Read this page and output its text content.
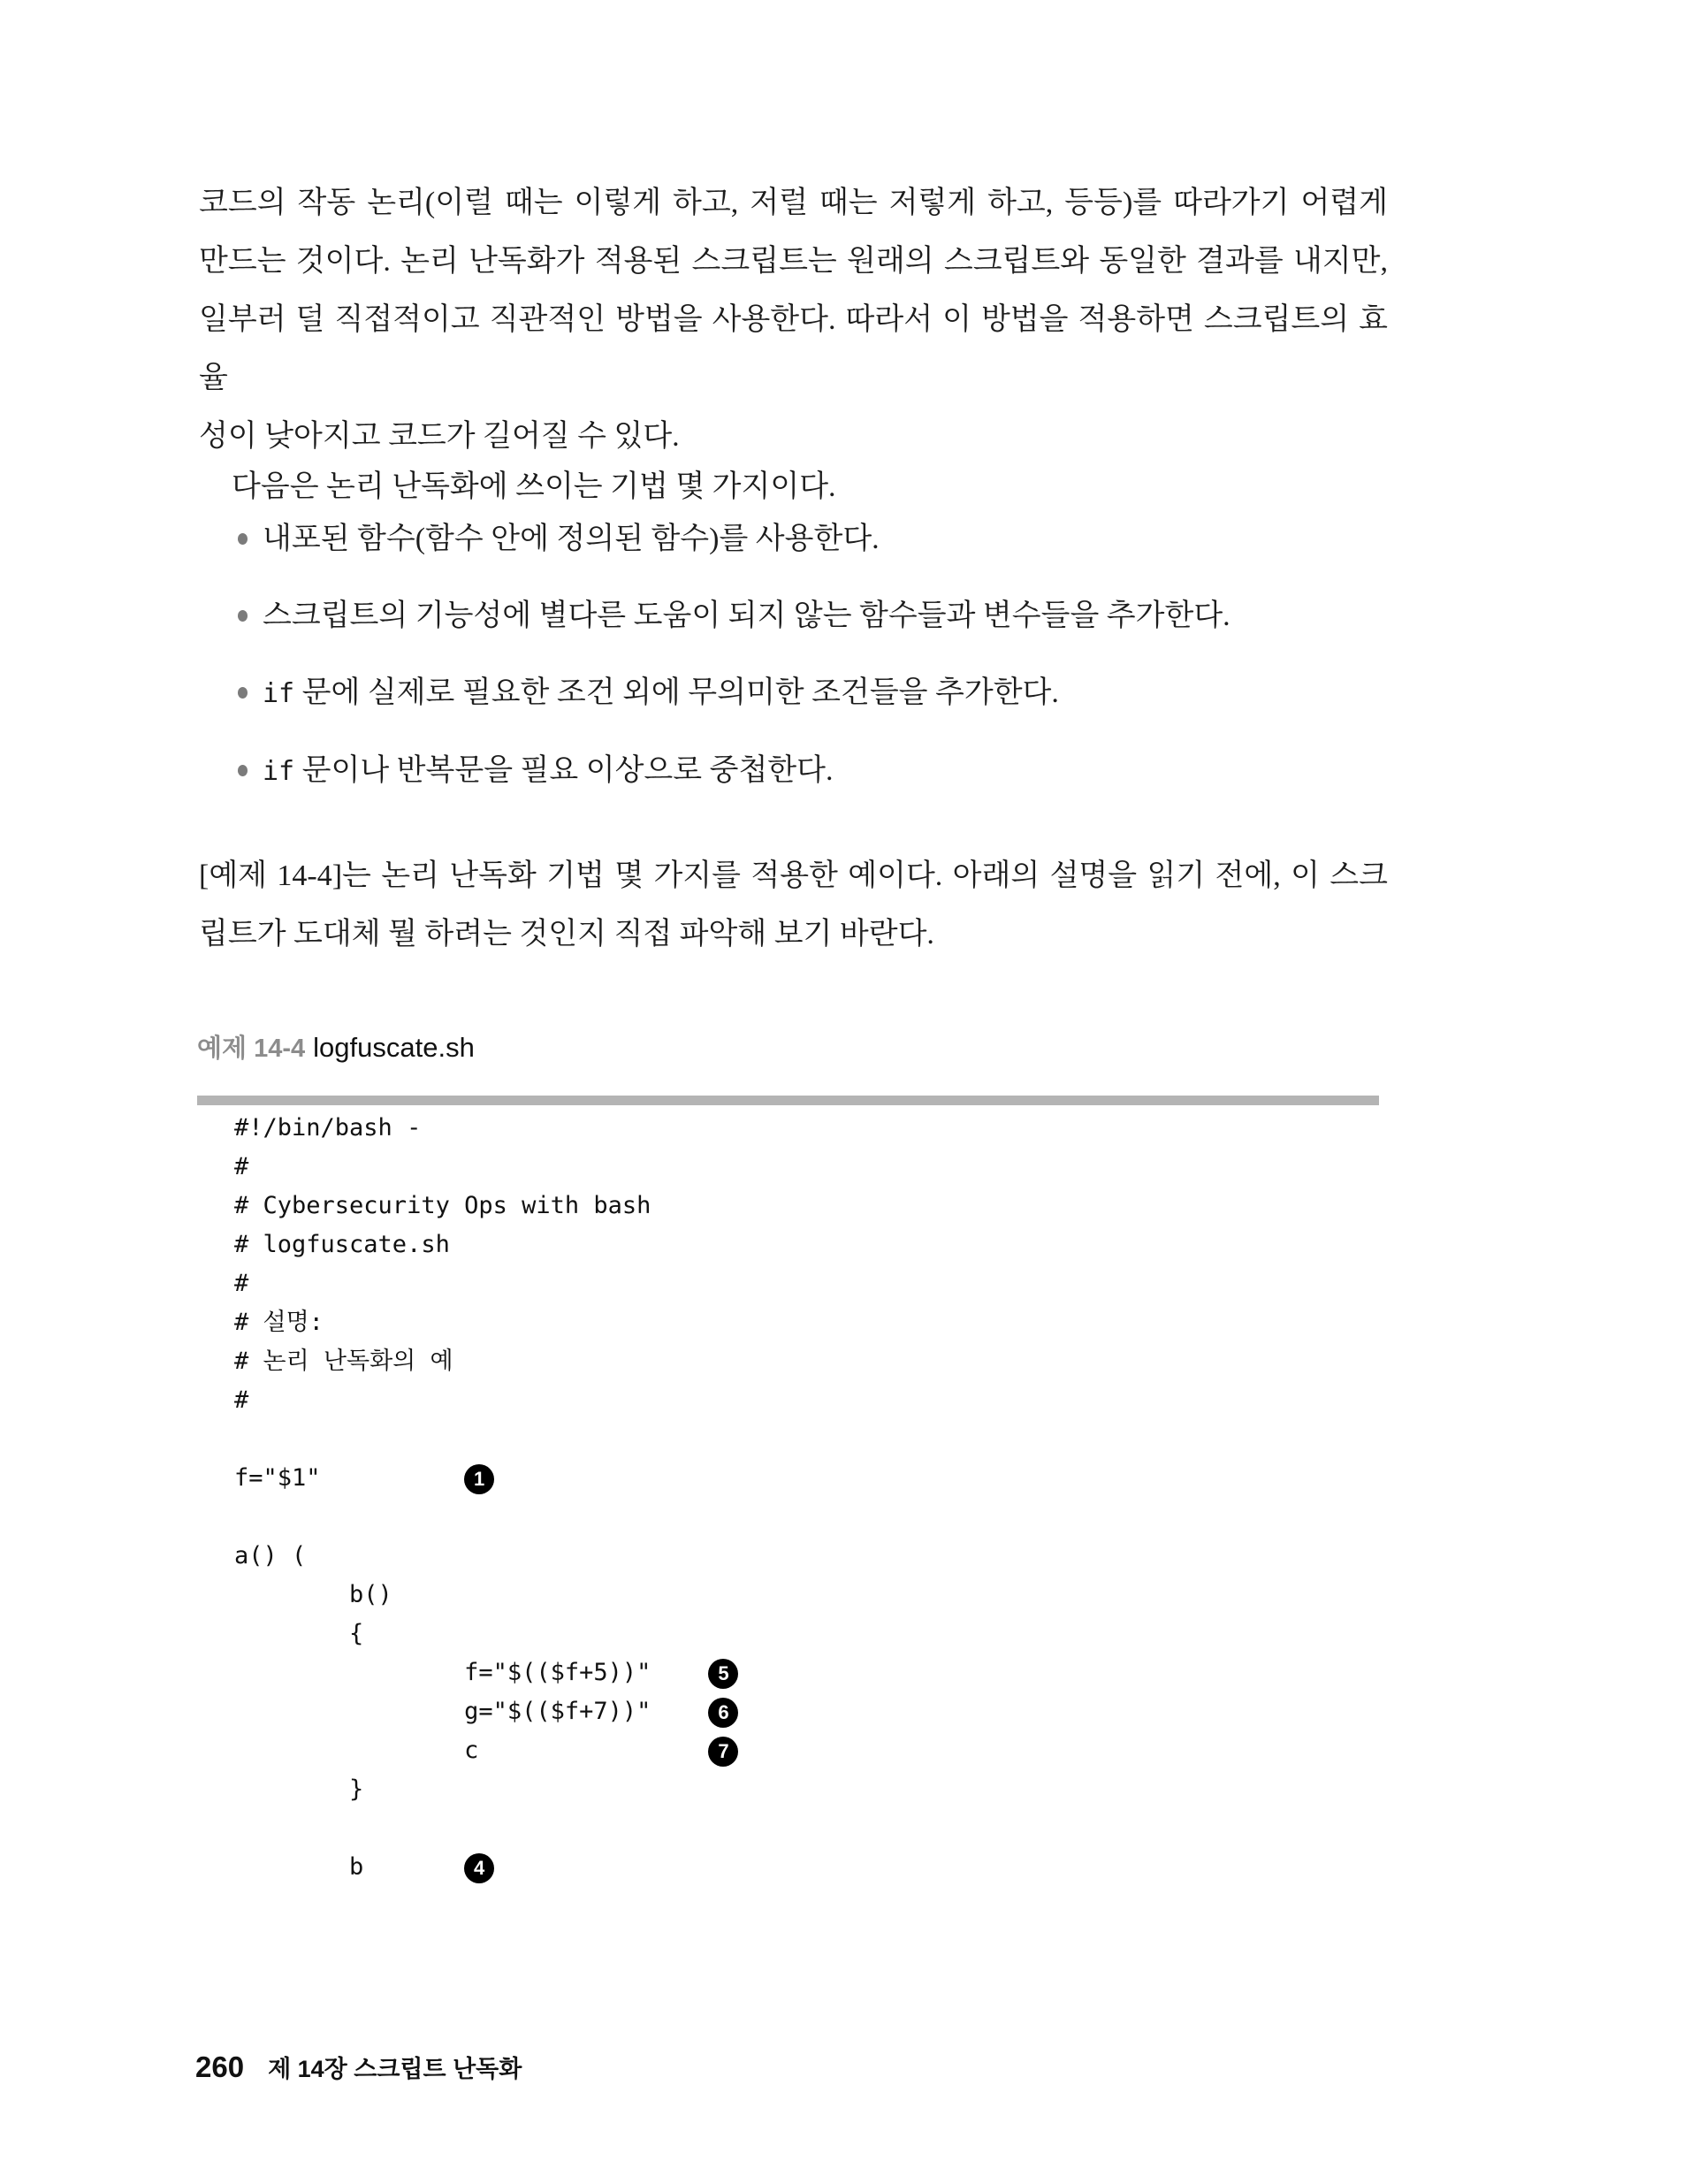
코드의 작동 논리(이럴 때는 이렇게 하고, 저럴 때는 저렇게 하고, 등등)를 따라가기 어렵게
만드는 것이다. 논리 난독화가 적용된 스크립트는 원래의 스크립트와 동일한 결과를 내지만,
일부러 덜 직접적이고 직관적인 방법을 사용한다. 따라서 이 방법을 적용하면 스크립트의 효율
성이 낮아지고 코드가 길어질 수 있다.
다음은 논리 난독화에 쓰이는 기법 몇 가지이다.
내포된 함수(함수 안에 정의된 함수)를 사용한다.
스크립트의 기능성에 별다른 도움이 되지 않는 함수들과 변수들을 추가한다.
if 문에 실제로 필요한 조건 외에 무의미한 조건들을 추가한다.
if 문이나 반복문을 필요 이상으로 중첩한다.
[예제 14-4]는 논리 난독화 기법 몇 가지를 적용한 예이다. 아래의 설명을 읽기 전에, 이 스크
립트가 도대체 뭘 하려는 것인지 직접 파악해 보기 바란다.
예제 14-4 logfuscate.sh
#!/bin/bash -
#
# Cybersecurity Ops with bash
# logfuscate.sh
#
# 설명:
# 논리 난독화의 예
#
f="$1"          1
a() (
b()
{
f="$(($f+5))"    5
g="$(($f+7))"    6
c                7
}
b       4
260 제 14장 스크립트 난독화
